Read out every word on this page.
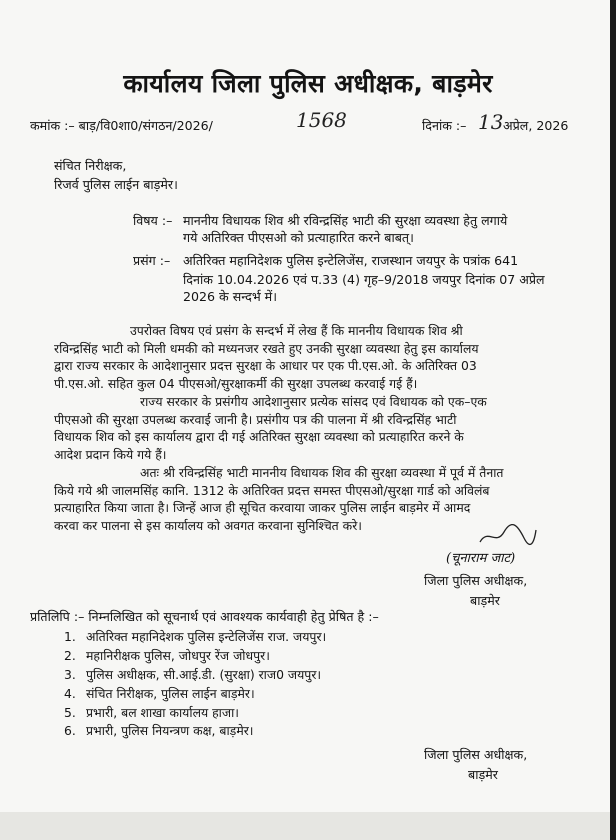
कार्यालय जिला पुलिस अधीक्षक, बाड़मेर
कमांक :– बाड़/वि0शा0/संगठन/2026/	1568	दिनांक :– 13 अप्रेल, 2026
संचित निरीक्षक,
रिजर्व पुलिस लाईन बाड़मेर।
विषय :– माननीय विधायक शिव श्री रविन्द्रसिंह भाटी की सुरक्षा व्यवस्था हेतु लगाये
गये अतिरिक्त पीएसओ को प्रत्याहारित करने बाबत्।
प्रसंग :– अतिरिक्त महानिदेशक पुलिस इन्टेलिजेंस, राजस्थान जयपुर के पत्रांक 641
दिनांक 10.04.2026 एवं प.33 (4) गृह–9/2018 जयपुर दिनांक 07 अप्रेल
2026 के सन्दर्भ में।
उपरोक्त विषय एवं प्रसंग के सन्दर्भ में लेख हैं कि माननीय विधायक शिव श्री
रविन्द्रसिंह भाटी को मिली धमकी को मध्यनजर रखते हुए उनकी सुरक्षा व्यवस्था हेतु इस कार्यालय
द्वारा राज्य सरकार के आदेशानुसार प्रदत्त सुरक्षा के आधार पर एक पी.एस.ओ. के अतिरिक्त 03
पी.एस.ओ. सहित कुल 04 पीएसओ/सुरक्षाकर्मी की सुरक्षा उपलब्ध करवाई गई हैं।
राज्य सरकार के प्रसंगीय आदेशानुसार प्रत्येक सांसद एवं विधायक को एक–एक
पीएसओ की सुरक्षा उपलब्ध करवाई जानी है। प्रसंगीय पत्र की पालना में श्री रविन्द्रसिंह भाटी
विधायक शिव को इस कार्यालय द्वारा दी गई अतिरिक्त सुरक्षा व्यवस्था को प्रत्याहारित करने के
आदेश प्रदान किये गये हैं।
अतः श्री रविन्द्रसिंह भाटी माननीय विधायक शिव की सुरक्षा व्यवस्था में पूर्व में तैनात
किये गये श्री जालमसिंह कानि. 1312 के अतिरिक्त प्रदत्त समस्त पीएसओ/सुरक्षा गार्ड को अविलंब
प्रत्याहारित किया जाता है। जिन्हें आज ही सूचित करवाया जाकर पुलिस लाईन बाड़मेर में आमद
करवा कर पालना से इस कार्यालय को अवगत करवाना सुनिश्चित करे।
(चूनाराम जाट)
जिला पुलिस अधीक्षक,
बाड़मेर
प्रतिलिपि :– निम्नलिखित को सूचनार्थ एवं आवश्यक कार्यवाही हेतु प्रेषित है :–
1. अतिरिक्त महानिदेशक पुलिस इन्टेलिजेंस राज. जयपुर।
2. महानिरीक्षक पुलिस, जोधपुर रेंज जोधपुर।
3. पुलिस अधीक्षक, सी.आई.डी. (सुरक्षा) राज0 जयपुर।
4. संचित निरीक्षक, पुलिस लाईन बाड़मेर।
5. प्रभारी, बल शाखा कार्यालय हाजा।
6. प्रभारी, पुलिस नियन्त्रण कक्ष, बाड़मेर।
जिला पुलिस अधीक्षक,
बाड़मेर
